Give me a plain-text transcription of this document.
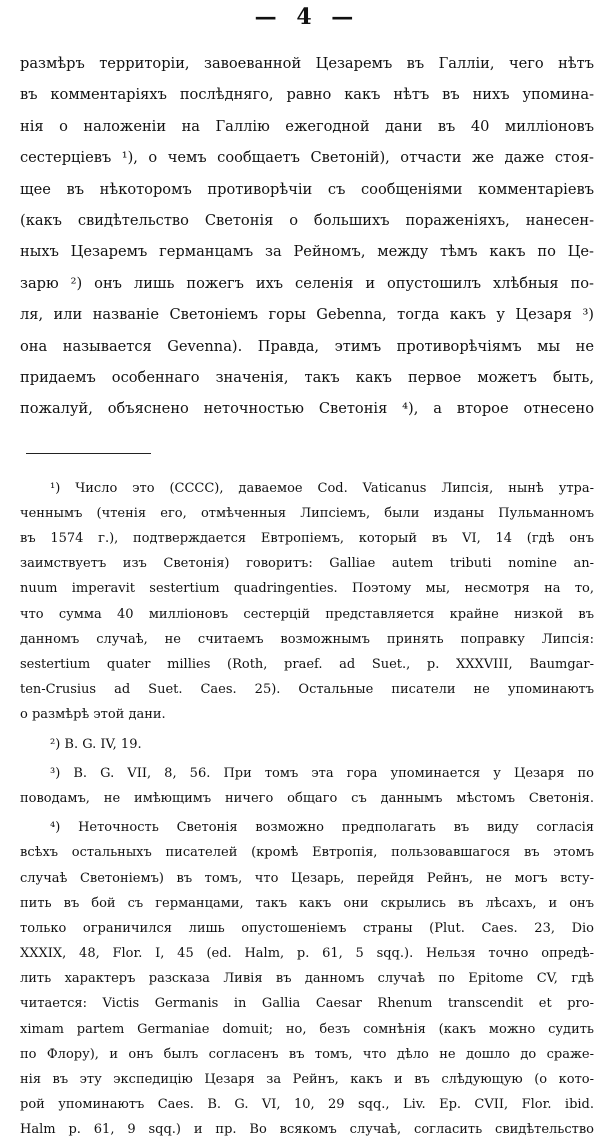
— 4 —
размѣръ территоріи, завоеванной Цезаремъ въ Галліи, чего нѣтъ
въ комментаріяхъ послѣдняго, равно какъ нѣтъ въ нихъ упомина-
нія о наложеніи на Галлію ежегодной дани въ 40 милліоновъ
сестерціевъ ¹), о чемъ сообщаетъ Светоній), отчасти же даже стоя-
щее въ нѣкоторомъ противорѣчіи съ сообщеніями комментаріевъ
(какъ свидѣтельство Светонія о большихъ пораженіяхъ, нанесен-
ныхъ Цезаремъ германцамъ за Рейномъ, между тѣмъ какъ по Це-
зарю ²) онъ лишь пожегъ ихъ селенія и опустошилъ хлѣбныя по-
ля, или названіе Светоніемъ горы Gebenna, тогда какъ у Цезаря ³)
она называется Gevenna). Правда, этимъ противорѣчіямъ мы не
придаемъ особеннаго значенія, такъ какъ первое можетъ быть,
пожалуй, объяснено неточностью Светонія ⁴), а второе отнесено
¹) Число это (CCCC), даваемое Cod. Vaticanus Липсія, нынѣ утра-
ченнымъ (чтенія его, отмѣченныя Липсіемъ, были изданы Пульманномъ
въ 1574 г.), подтверждается Евтропіемъ, который въ VI, 14 (гдѣ онъ
заимствуетъ изъ Светонія) говоритъ: Galliae autem tributi nomine an-
nuum imperavit sestertium quadringenties. Поэтому мы, несмотря на то,
что сумма 40 милліоновъ сестерцій представляется крайне низкой въ
данномъ случаѣ, не считаемъ возможнымъ принять поправку Липсія:
sestertium quater millies (Roth, praef. ad Suet., p. XXXVIII, Baumgar-
ten-Crusius ad Suet. Caes. 25). Остальные писатели не упоминаютъ
о размѣрѣ этой дани.
²) B. G. IV, 19.
³) B. G. VII, 8, 56. При томъ эта гора упоминается у Цезаря по
поводамъ, не имѣющимъ ничего общаго съ даннымъ мѣстомъ Светонія.
⁴) Неточность Светонія возможно предполагать въ виду согласія
всѣхъ остальныхъ писателей (кромѣ Евтропія, пользовавшагося въ этомъ
случаѣ Светоніемъ) въ томъ, что Цезарь, перейдя Рейнъ, не могъ всту-
пить въ бой съ германцами, такъ какъ они скрылись въ лѣсахъ, и онъ
только ограничился лишь опустошеніемъ страны (Plut. Caes. 23, Dio
XXXIX, 48, Flor. I, 45 (ed. Halm, p. 61, 5 sqq.). Нельзя точно опредѣ-
лить характеръ разсказа Ливія въ данномъ случаѣ по Epitome CV, гдѣ
читается: Victis Germanis in Gallia Caesar Rhenum transcendit et pro-
ximam partem Germaniae domuit; но, безъ сомнѣнія (какъ можно судить
по Флору), и онъ былъ согласенъ въ томъ, что дѣло не дошло до сраже-
нія въ эту экспедицію Цезаря за Рейнъ, какъ и въ слѣдующую (о кото-
рой упоминаютъ Caes. B. G. VI, 10, 29 sqq., Liv. Ep. CVII, Flor. ibid.
Halm p. 61, 9 sqq.) и пр. Во всякомъ случаѣ, согласить свидѣтельство
